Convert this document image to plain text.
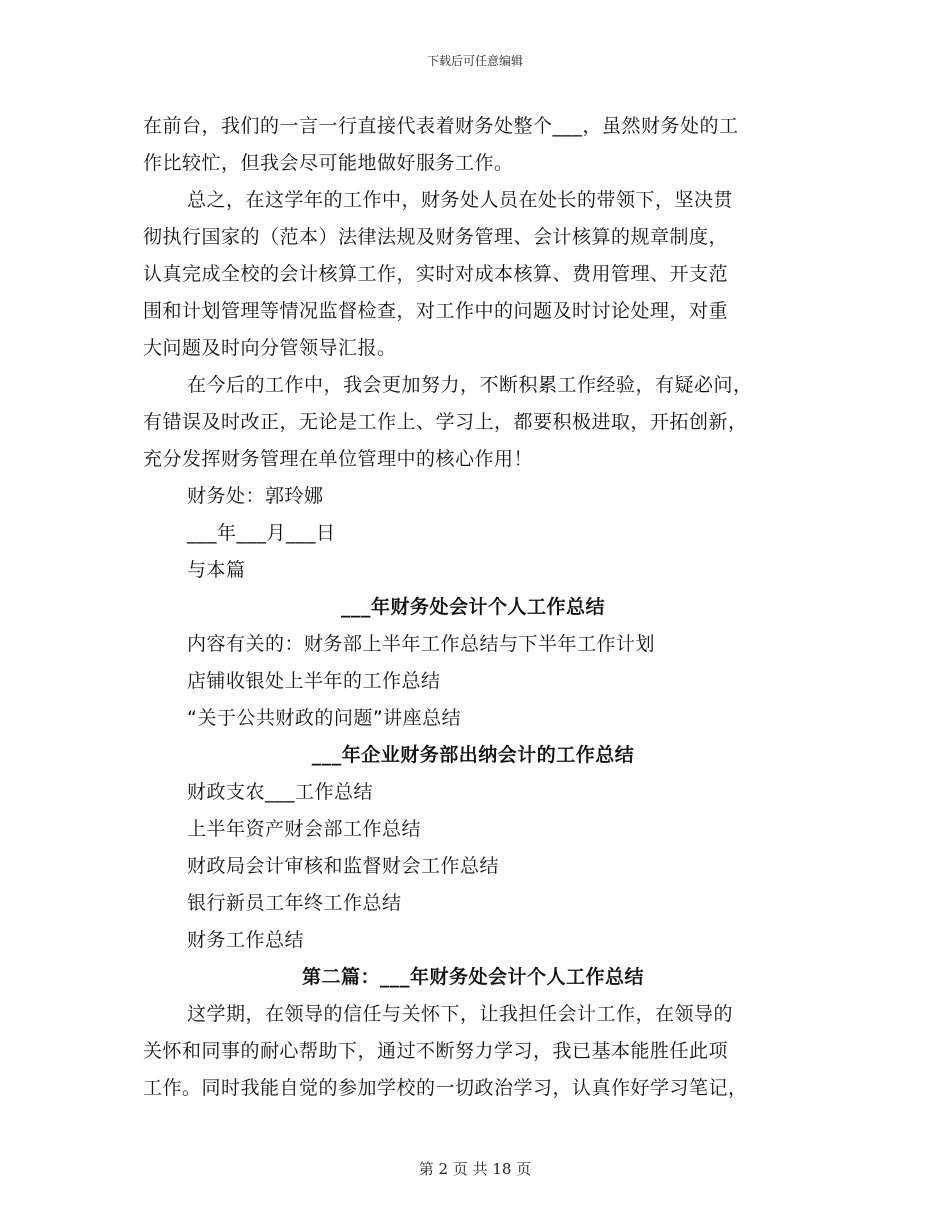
下载后可任意编辑
在前台，我们的一言一行直接代表着财务处整个___，虽然财务处的工
作比较忙，但我会尽可能地做好服务工作。
总之，在这学年的工作中，财务处人员在处长的带领下，坚决贯
彻执行国家的（范本）法律法规及财务管理、会计核算的规章制度，
认真完成全校的会计核算工作，实时对成本核算、费用管理、开支范
围和计划管理等情况监督检查，对工作中的问题及时讨论处理，对重
大问题及时向分管领导汇报。
在今后的工作中，我会更加努力，不断积累工作经验，有疑必问，
有错误及时改正，无论是工作上、学习上，都要积极进取，开拓创新，
充分发挥财务管理在单位管理中的核心作用！
财务处：郭玲娜
___年___月___日
与本篇
___年财务处会计个人工作总结
内容有关的：财务部上半年工作总结与下半年工作计划
店铺收银处上半年的工作总结
“关于公共财政的问题”讲座总结
___年企业财务部出纳会计的工作总结
财政支农___工作总结
上半年资产财会部工作总结
财政局会计审核和监督财会工作总结
银行新员工年终工作总结
财务工作总结
第二篇：___年财务处会计个人工作总结
这学期，在领导的信任与关怀下，让我担任会计工作，在领导的
关怀和同事的耐心帮助下，通过不断努力学习，我已基本能胜任此项
工作。同时我能自觉的参加学校的一切政治学习，认真作好学习笔记，
第 2 页 共 18 页
